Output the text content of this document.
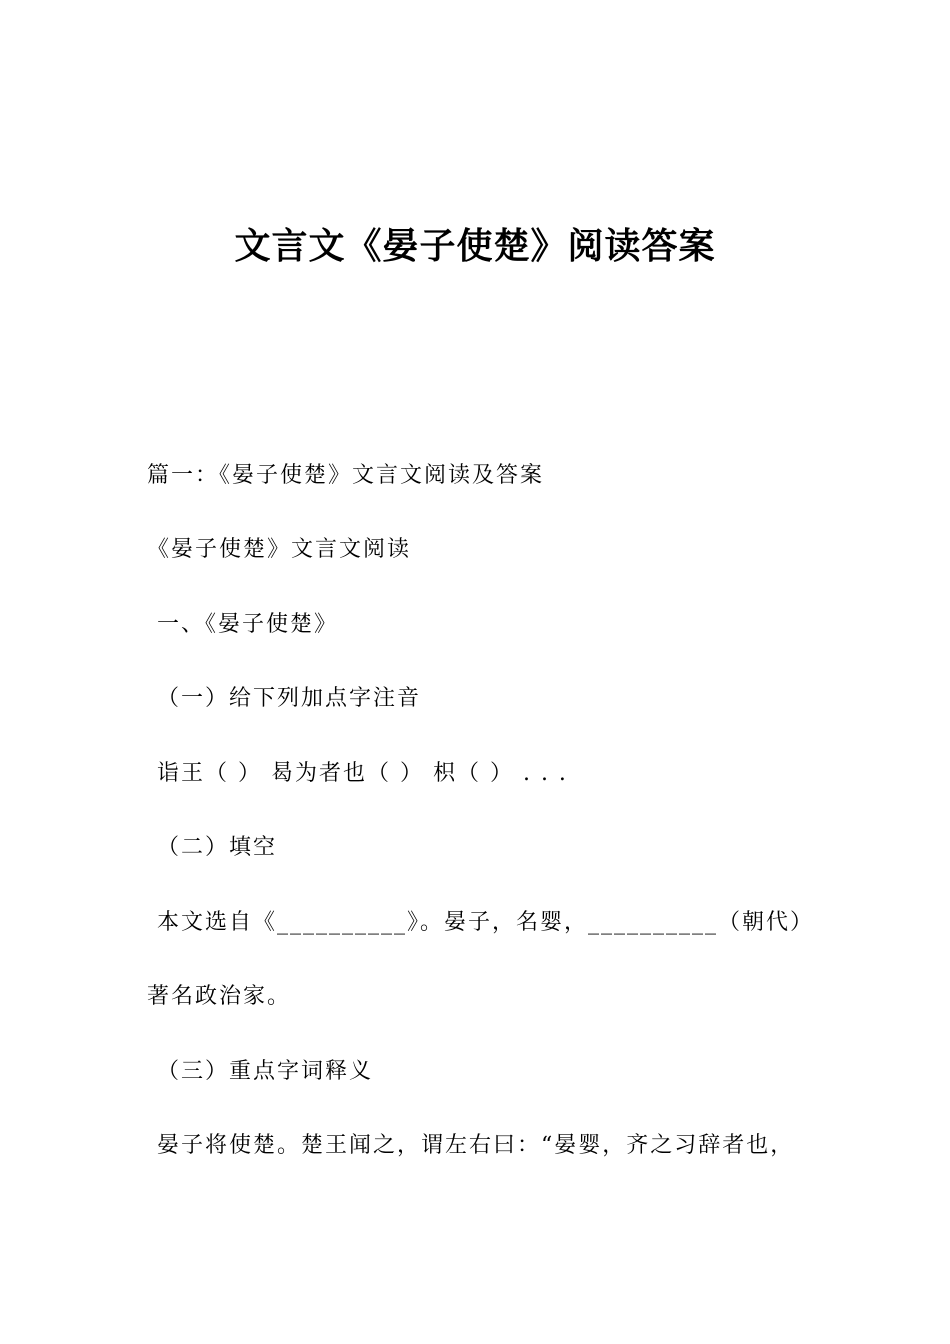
文言文《晏子使楚》阅读答案
篇一：《晏子使楚》文言文阅读及答案
《晏子使楚》文言文阅读
一、《晏子使楚》
（一）给下列加点字注音
诣王（ ） 曷为者也（ ） 枳（ ） . . .
（二）填空
本文选自《__________》。晏子，名婴，__________（朝代）
著名政治家。
（三）重点字词释义
晏子将使楚。楚王闻之，谓左右曰：“晏婴，齐之习辞者也，
